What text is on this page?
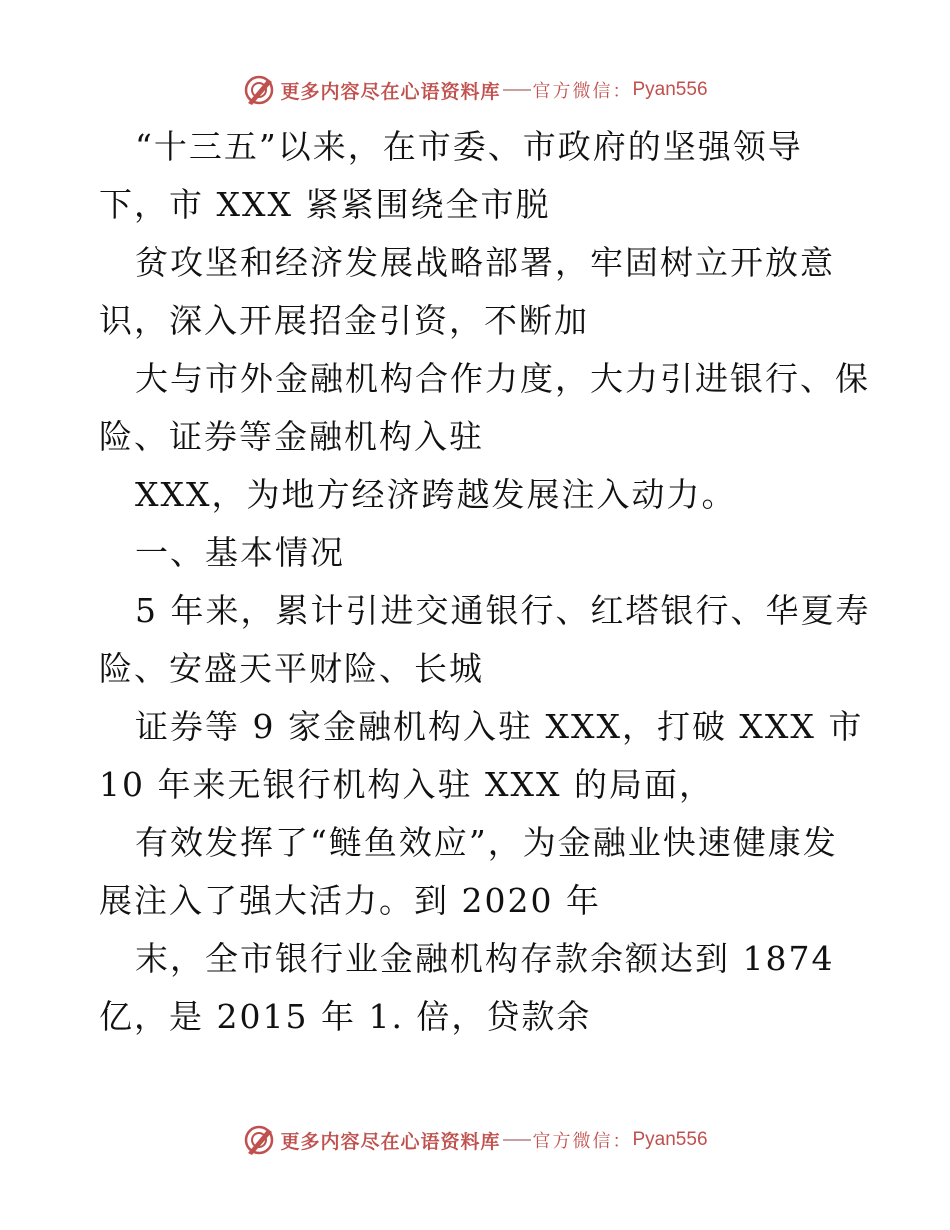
更多内容尽在心语资料库 官方微信： Pyan556
“十三五”以来，在市委、市政府的坚强领导
下，市 XXX 紧紧围绕全市脱
贫攻坚和经济发展战略部署，牢固树立开放意
识，深入开展招金引资，不断加
大与市外金融机构合作力度，大力引进银行、保
险、证券等金融机构入驻
XXX，为地方经济跨越发展注入动力。
一、基本情况
5 年来，累计引进交通银行、红塔银行、华夏寿
险、安盛天平财险、长城
证券等 9 家金融机构入驻 XXX，打破 XXX 市
10 年来无银行机构入驻 XXX 的局面，
有效发挥了“鲢鱼效应”，为金融业快速健康发
展注入了强大活力。到 2020 年
末，全市银行业金融机构存款余额达到 1874
亿，是 2015 年 1. 倍，贷款余
更多内容尽在心语资料库 官方微信： Pyan556
